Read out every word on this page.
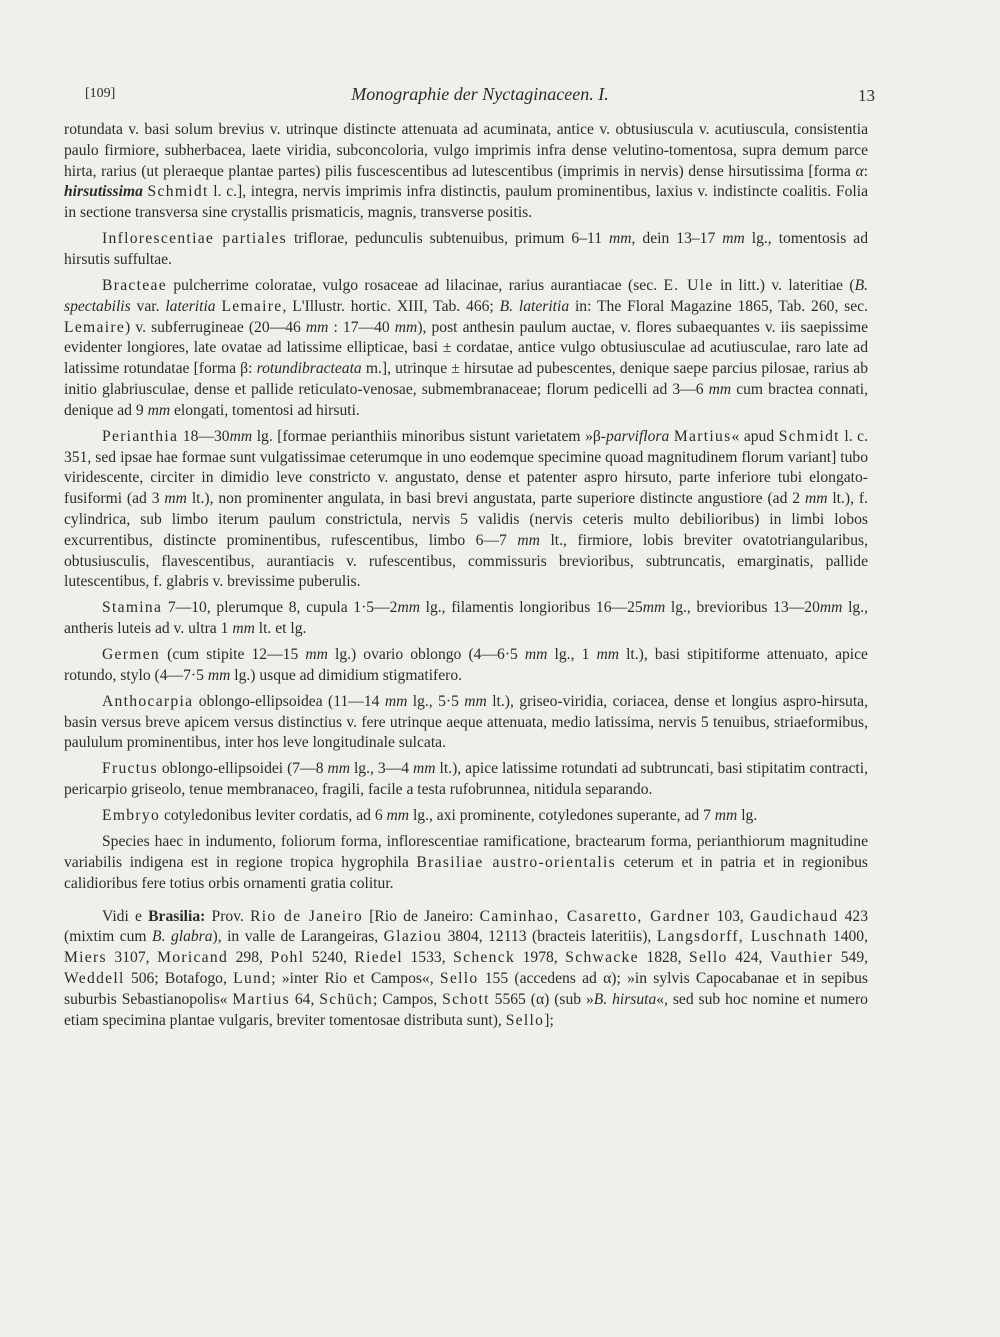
[109]	Monographie der Nyctaginaceen. I.	13

rotundata v. basi solum brevius v. utrinque distincte attenuata ad acuminata, antice v. obtusiuscula v. acutiuscula, consistentia paulo firmiore, subherbacea, laete viridia, subconcoloria, vulgo imprimis infra dense velutino-tomentosa, supra demum parce hirta, rarius (ut pleraeque plantae partes) pilis fuscescentibus ad lutescentibus (imprimis in nervis) dense hirsutissima [forma α: hirsutissima Schmidt l. c.], integra, nervis imprimis infra distinctis, paulum prominentibus, laxius v. indistincte coalitis. Folia in sectione transversa sine crystallis prismaticis, magnis, transverse positis.

Inflorescentiae partiales triflorae, pedunculis subtenuibus, primum 6–11 mm, dein 13–17 mm lg., tomentosis ad hirsutis suffultae.

Bracteae pulcherrime coloratae, vulgo rosaceae ad lilacinae, rarius aurantiacae (sec. E. Ule in litt.) v. lateritiae (B. spectabilis var. lateritia Lemaire, L'Illustr. hortic. XIII, Tab. 466; B. lateritia in: The Floral Magazine 1865, Tab. 260, sec. Lemaire) v. subferrugineae (20—46 mm : 17—40 mm), post anthesin paulum auctae, v. flores subaequantes v. iis saepissime evidenter longiores, late ovatae ad latissime ellipticae, basi ± cordatae, antice vulgo obtusiusculae ad acutiusculae, raro late ad latissime rotundatae [forma β: rotundibracteata m.], utrinque ± hirsutae ad pubescentes, denique saepe parcius pilosae, rarius ab initio glabriusculae, dense et pallide reticulato-venosae, submembranaceae; florum pedicelli ad 3—6 mm cum bractea connati, denique ad 9 mm elongati, tomentosi ad hirsuti.

Perianthia 18—30mm lg. [formae perianthiis minoribus sistunt varietatem »β-parviflora Martius« apud Schmidt l. c. 351, sed ipsae hae formae sunt vulgatissimae ceterumque in uno eodemque specimine quoad magnitudinem florum variant] tubo viridescente, circiter in dimidio leve constricto v. angustato, dense et patenter aspro hirsuto, parte inferiore tubi elongato-fusiformi (ad 3 mm lt.), non prominenter angulata, in basi brevi angustata, parte superiore distincte angustiore (ad 2 mm lt.), f. cylindrica, sub limbo iterum paulum constrictula, nervis 5 validis (nervis ceteris multo debilioribus) in limbi lobos excurrentibus, distincte prominentibus, rufescentibus, limbo 6—7 mm lt., firmiore, lobis breviter ovatotriangularibus, obtusiusculis, flavescentibus, aurantiacis v. rufescentibus, commissuris brevioribus, subtruncatis, emarginatis, pallide lutescentibus, f. glabris v. brevissime puberulis.

Stamina 7—10, plerumque 8, cupula 1·5—2mm lg., filamentis longioribus 16—25mm lg., brevioribus 13—20mm lg., antheris luteis ad v. ultra 1 mm lt. et lg.

Germen (cum stipite 12—15 mm lg.) ovario oblongo (4—6·5 mm lg., 1 mm lt.), basi stipitiforme attenuato, apice rotundo, stylo (4—7·5 mm lg.) usque ad dimidium stigmatifero.

Anthocarpia oblongo-ellipsoidea (11—14 mm lg., 5·5 mm lt.), griseo-viridia, coriacea, dense et longius aspro-hirsuta, basin versus breve apicem versus distinctius v. fere utrinque aeque attenuata, medio latissima, nervis 5 tenuibus, striaeformibus, paululum prominentibus, inter hos leve longitudinale sulcata.

Fructus oblongo-ellipsoidei (7—8 mm lg., 3—4 mm lt.), apice latissime rotundati ad subtruncati, basi stipitatim contracti, pericarpio griseolo, tenue membranaceo, fragili, facile a testa rufobrunnea, nitidula separando.

Embryo cotyledonibus leviter cordatis, ad 6 mm lg., axi prominente, cotyledones superante, ad 7 mm lg.

Species haec in indumento, foliorum forma, inflorescentiae ramificatione, bractearum forma, perianthiorum magnitudine variabilis indigena est in regione tropica hygrophila Brasiliae austro-orientalis ceterum et in patria et in regionibus calidioribus fere totius orbis ornamenti gratia colitur.

Vidi e Brasilia: Prov. Rio de Janeiro [Rio de Janeiro: Caminhao, Casaretto, Gardner 103, Gaudichaud 423 (mixtim cum B. glabra), in valle de Larangeiras, Glaziou 3804, 12113 (bracteis lateritiis), Langsdorff, Luschnath 1400, Miers 3107, Moricand 298, Pohl 5240, Riedel 1533, Schenck 1978, Schwacke 1828, Sello 424, Vauthier 549, Weddell 506; Botafogo, Lund; »inter Rio et Campos«, Sello 155 (accedens ad α); »in sylvis Capocabanae et in sepibus suburbis Sebastianopolis« Martius 64, Schüch; Campos, Schott 5565 (α) (sub »B. hirsuta«, sed sub hoc nomine et numero etiam specimina plantae vulgaris, breviter tomentosae distributa sunt), Sello];
